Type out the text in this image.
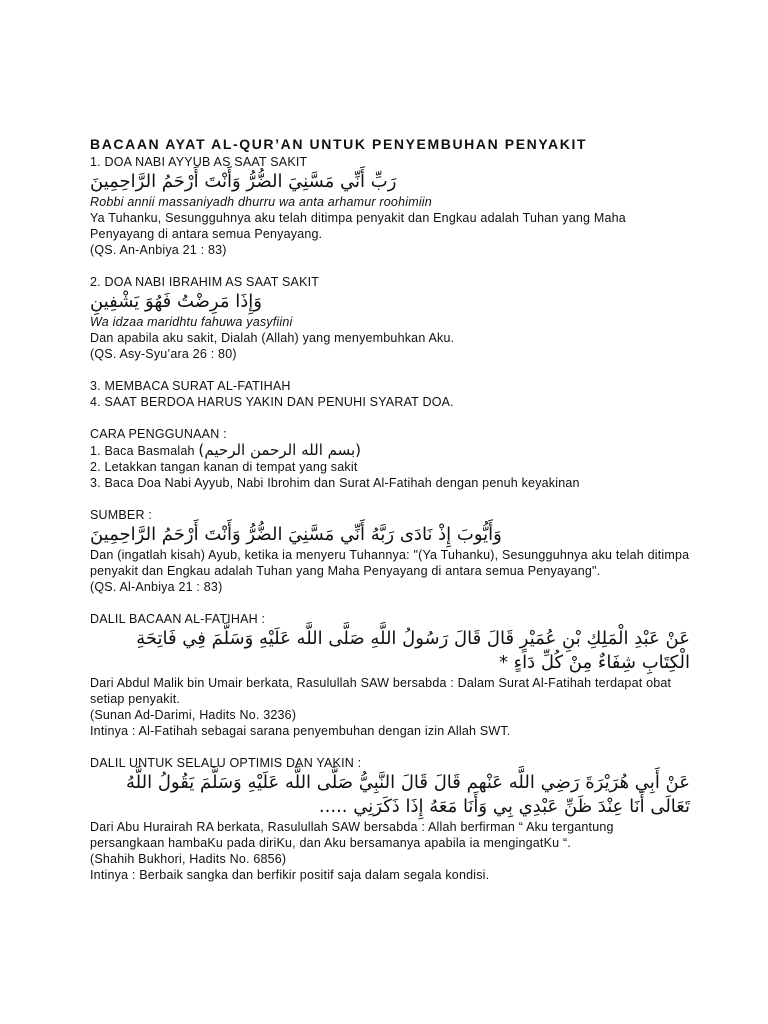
BACAAN AYAT AL-QUR’AN UNTUK PENYEMBUHAN PENYAKIT
1. DOA NABI AYYUB AS SAAT SAKIT
رَبِّ أَنِّي مَسَّنِيَ الضُّرُّ وَأَنْتَ أَرْحَمُ الرَّاحِمِينَ
Robbi annii massaniyadh dhurru wa anta arhamur roohimiin
Ya Tuhanku, Sesungguhnya aku telah ditimpa penyakit dan Engkau adalah Tuhan yang Maha Penyayang di antara semua Penyayang.
(QS. An-Anbiya 21 : 83)
2. DOA NABI IBRAHIM AS SAAT SAKIT
وَإِذَا مَرِضْتُ فَهُوَ يَشْفِينِ
Wa idzaa maridhtu fahuwa yasyfiini
Dan apabila aku sakit, Dialah (Allah) yang menyembuhkan Aku.
(QS. Asy-Syu’ara 26 : 80)
3. MEMBACA SURAT AL-FATIHAH
4. SAAT BERDOA HARUS YAKIN DAN PENUHI SYARAT DOA.
CARA PENGGUNAAN :
1. Baca Basmalah (بسم الله الرحمن الرحيم)
2. Letakkan tangan kanan di tempat yang sakit
3. Baca Doa Nabi Ayyub, Nabi Ibrohim dan Surat Al-Fatihah dengan penuh keyakinan
SUMBER :
وَأَيُّوبَ إِذْ نَادَى رَبَّهُ أَنِّي مَسَّنِيَ الضُّرُّ وَأَنْتَ أَرْحَمُ الرَّاحِمِينَ
Dan (ingatlah kisah) Ayub, ketika ia menyeru Tuhannya: "(Ya Tuhanku), Sesungguhnya aku telah ditimpa penyakit dan Engkau adalah Tuhan yang Maha Penyayang di antara semua Penyayang".
(QS. Al-Anbiya 21 : 83)
DALIL BACAAN AL-FATIHAH :
عَنْ عَبْدِ الْمَلِكِ بْنِ عُمَيْرٍ قَالَ قَالَ رَسُولُ اللَّهِ صَلَّى اللَّه عَلَيْهِ وَسَلَّمَ فِي فَاتِحَةِ الْكِتَابِ شِفَاءٌ مِنْ كُلِّ دَاءٍ *
Dari Abdul Malik bin Umair berkata, Rasulullah SAW bersabda : Dalam Surat Al-Fatihah terdapat obat setiap penyakit.
(Sunan Ad-Darimi, Hadits No. 3236)
Intinya : Al-Fatihah sebagai sarana penyembuhan dengan izin Allah SWT.
DALIL UNTUK SELALU OPTIMIS DAN YAKIN :
عَنْ أَبِي هُرَيْرَةَ رَضِي اللَّه عَنْهم قَالَ قَالَ النَّبِيُّ صَلَّى اللَّه عَلَيْهِ وَسَلَّمَ يَقُولُ اللَّهُ تَعَالَى أَنَا عِنْدَ ظَنِّ عَبْدِي بِي وَأَنَا مَعَهُ إِذَا ذَكَرَنِي .....
Dari Abu Hurairah RA berkata, Rasulullah SAW bersabda : Allah berfirman “ Aku tergantung persangkaan hambaKu pada diriKu, dan Aku bersamanya apabila ia mengingatKu “.
(Shahih Bukhori, Hadits No. 6856)
Intinya : Berbaik sangka dan berfikir positif saja dalam segala kondisi.
